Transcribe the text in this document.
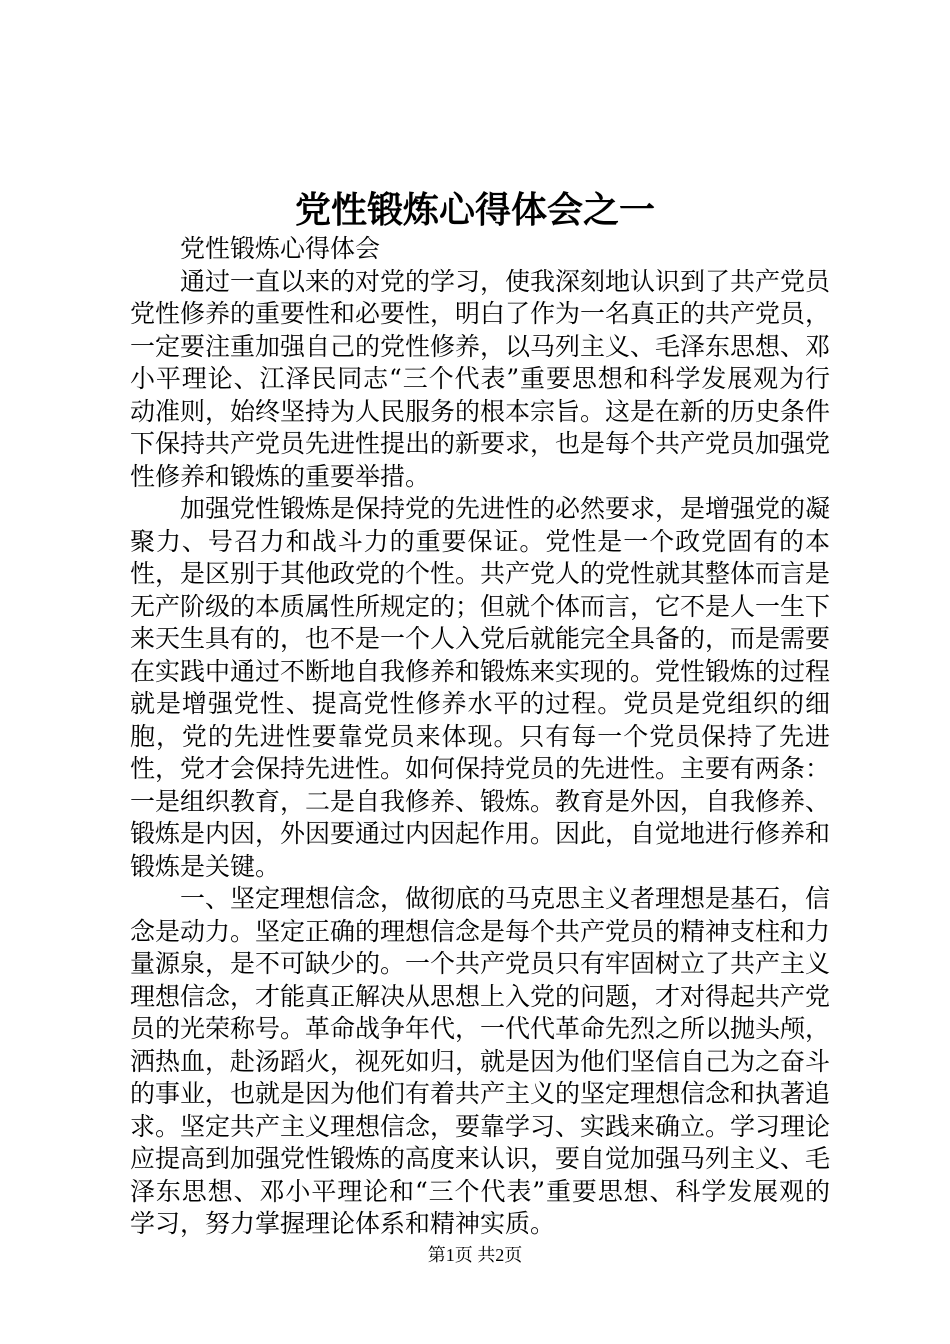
党性锻炼心得体会之一

党性锻炼心得体会

通过一直以来的对党的学习，使我深刻地认识到了共产党员党性修养的重要性和必要性，明白了作为一名真正的共产党员，一定要注重加强自己的党性修养，以马列主义、毛泽东思想、邓小平理论、江泽民同志“三个代表”重要思想和科学发展观为行动准则，始终坚持为人民服务的根本宗旨。这是在新的历史条件下保持共产党员先进性提出的新要求，也是每个共产党员加强党性修养和锻炼的重要举措。

加强党性锻炼是保持党的先进性的必然要求，是增强党的凝聚力、号召力和战斗力的重要保证。党性是一个政党固有的本性，是区别于其他政党的个性。共产党人的党性就其整体而言是无产阶级的本质属性所规定的；但就个体而言，它不是人一生下来天生具有的，也不是一个人入党后就能完全具备的，而是需要在实践中通过不断地自我修养和锻炼来实现的。党性锻炼的过程就是增强党性、提高党性修养水平的过程。党员是党组织的细胞，党的先进性要靠党员来体现。只有每一个党员保持了先进性，党才会保持先进性。如何保持党员的先进性。主要有两条：一是组织教育，二是自我修养、锻炼。教育是外因，自我修养、锻炼是内因，外因要通过内因起作用。因此，自觉地进行修养和锻炼是关键。

一、坚定理想信念，做彻底的马克思主义者理想是基石，信念是动力。坚定正确的理想信念是每个共产党员的精神支柱和力量源泉，是不可缺少的。一个共产党员只有牢固树立了共产主义理想信念，才能真正解决从思想上入党的问题，才对得起共产党员的光荣称号。革命战争年代，一代代革命先烈之所以抛头颅，洒热血，赴汤蹈火，视死如归，就是因为他们坚信自己为之奋斗的事业，也就是因为他们有着共产主义的坚定理想信念和执著追求。坚定共产主义理想信念，要靠学习、实践来确立。学习理论应提高到加强党性锻炼的高度来认识，要自觉加强马列主义、毛泽东思想、邓小平理论和“三个代表”重要思想、科学发展观的学习，努力掌握理论体系和精神实质。

第1页 共2页
